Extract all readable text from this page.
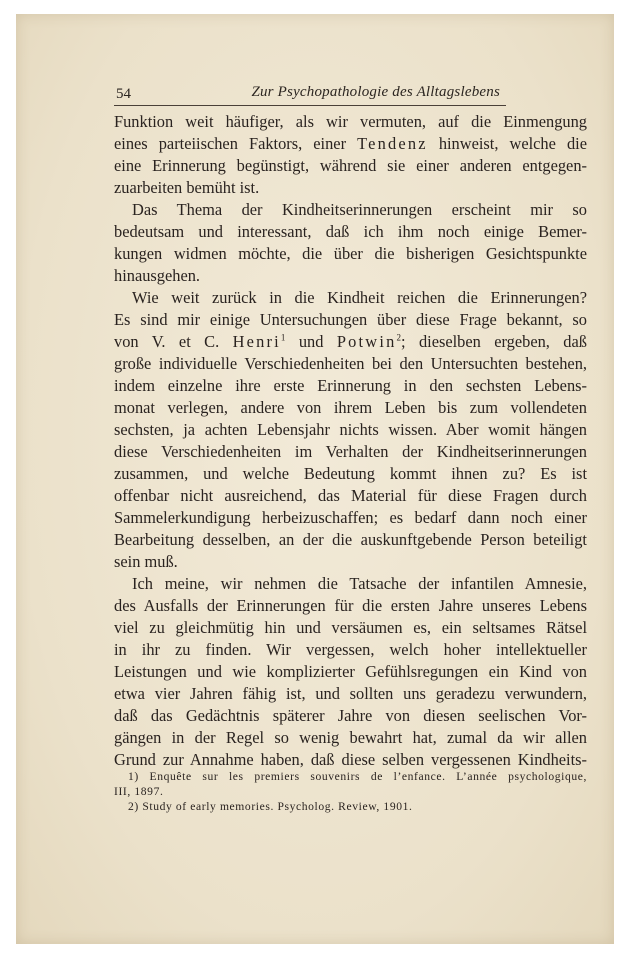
54	Zur Psychopathologie des Alltagslebens
Funktion weit häufiger, als wir vermuten, auf die Einmengung
eines parteiischen Faktors, einer Tendenz hinweist, welche die
eine Erinnerung begünstigt, während sie einer anderen entgegen-
zuarbeiten bemüht ist.
Das Thema der Kindheitserinnerungen erscheint mir so
bedeutsam und interessant, daß ich ihm noch einige Bemer-
kungen widmen möchte, die über die bisherigen Gesichtspunkte
hinausgehen.
Wie weit zurück in die Kindheit reichen die Erinnerungen?
Es sind mir einige Untersuchungen über diese Frage bekannt, so
von V. et C. Henri$^1$ und Potwin$^2$; dieselben ergeben, daß
große individuelle Verschiedenheiten bei den Untersuchten bestehen,
indem einzelne ihre erste Erinnerung in den sechsten Lebens-
monat verlegen, andere von ihrem Leben bis zum vollendeten
sechsten, ja achten Lebensjahr nichts wissen. Aber womit hängen
diese Verschiedenheiten im Verhalten der Kindheitserinnerungen
zusammen, und welche Bedeutung kommt ihnen zu? Es ist
offenbar nicht ausreichend, das Material für diese Fragen durch
Sammelerkundigung herbeizuschaffen; es bedarf dann noch einer
Bearbeitung desselben, an der die auskunftgebende Person beteiligt
sein muß.
Ich meine, wir nehmen die Tatsache der infantilen Amnesie,
des Ausfalls der Erinnerungen für die ersten Jahre unseres Lebens
viel zu gleichmütig hin und versäumen es, ein seltsames Rätsel
in ihr zu finden. Wir vergessen, welch hoher intellektueller
Leistungen und wie komplizierter Gefühlsregungen ein Kind von
etwa vier Jahren fähig ist, und sollten uns geradezu verwundern,
daß das Gedächtnis späterer Jahre von diesen seelischen Vor-
gängen in der Regel so wenig bewahrt hat, zumal da wir allen
Grund zur Annahme haben, daß diese selben vergessenen Kindheits-
1) Enquête sur les premiers souvenirs de l’enfance. L’année psychologique,
III, 1897.
2) Study of early memories. Psycholog. Review, 1901.
